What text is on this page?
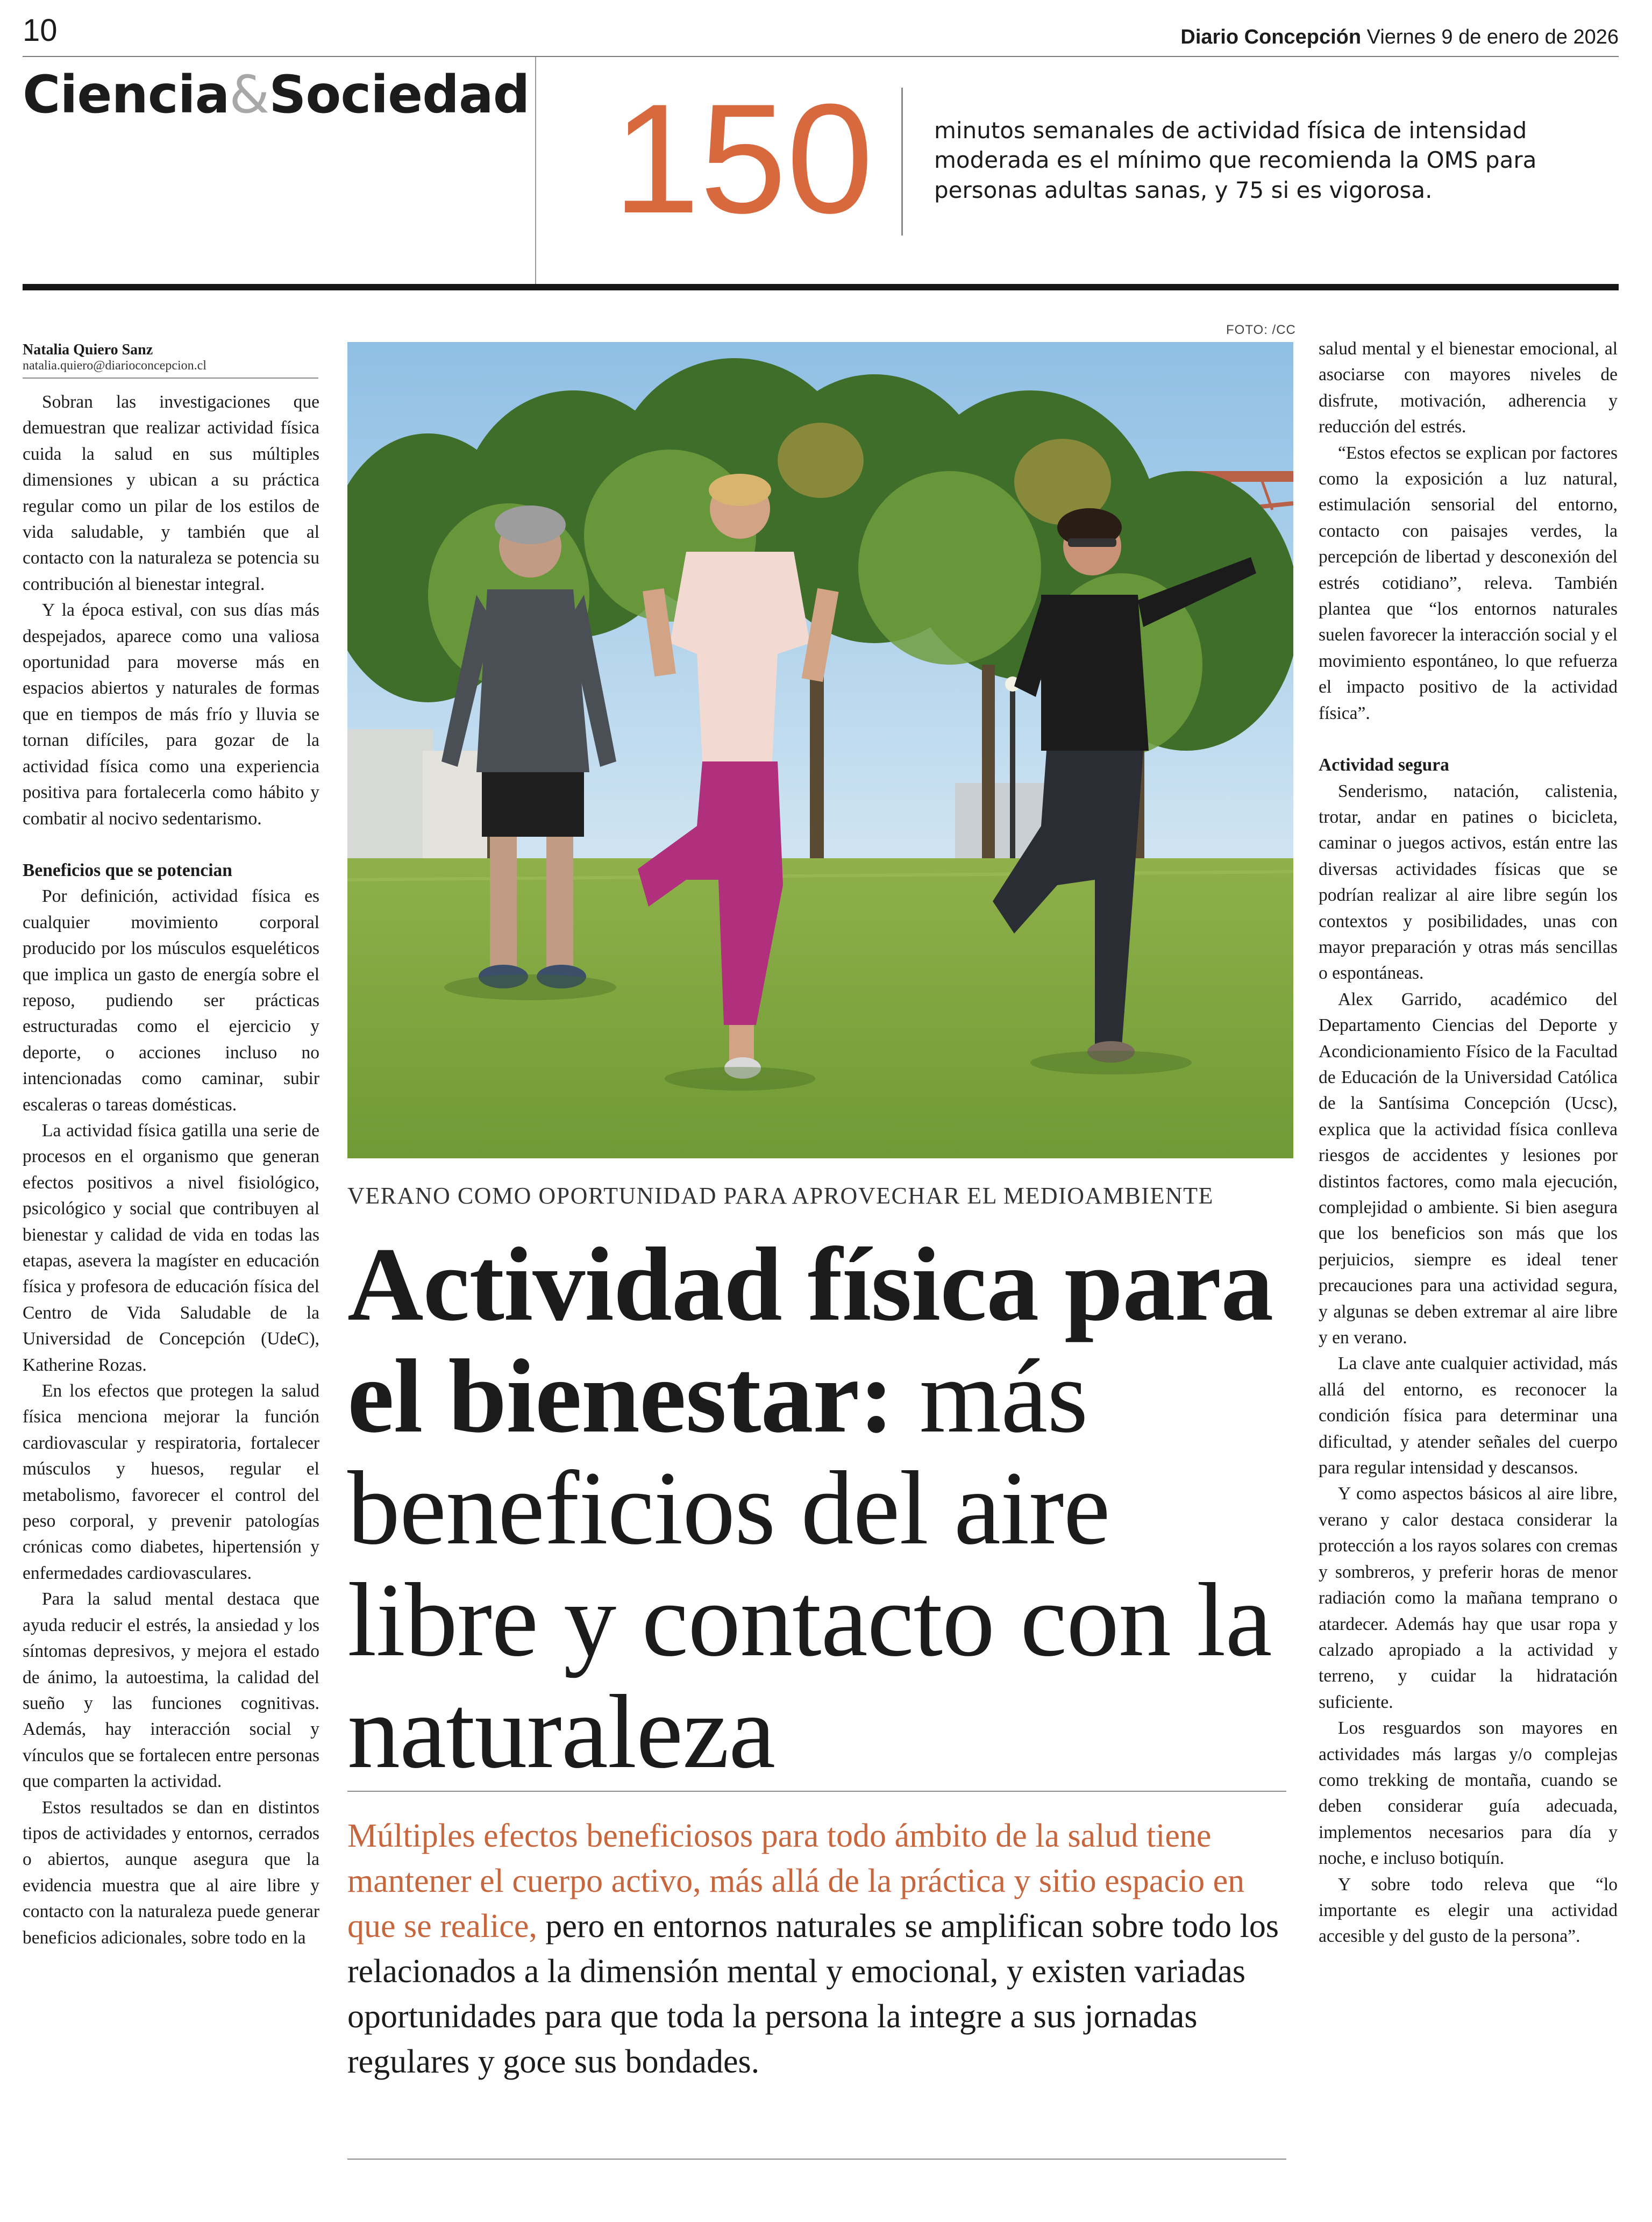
10	Diario Concepción Viernes 9 de enero de 2026
Ciencia&Sociedad 150	minutos semanales de actividad física de intensidad moderada es el mínimo que recomienda la OMS para personas adultas sanas, y 75 si es vigorosa.
Natalia Quiero Sanz
natalia.quiero@diarioconcepcion.cl

Sobran las investigaciones que demuestran que realizar actividad física cuida la salud en sus múltiples dimensiones y ubican a su práctica regular como un pilar de los estilos de vida saludable, y también que al contacto con la naturaleza se potencia su contribución al bienestar integral.

Y la época estival, con sus días más despejados, aparece como una valiosa oportunidad para moverse más en espacios abiertos y naturales de formas que en tiempos de más frío y lluvia se tornan difíciles, para gozar de la actividad física como una experiencia positiva para fortalecerla como hábito y combatir al nocivo sedentarismo.

Beneficios que se potencian

Por definición, actividad física es cualquier movimiento corporal producido por los músculos esqueléticos que implica un gasto de energía sobre el reposo, pudiendo ser prácticas estructuradas como el ejercicio y deporte, o acciones incluso no intencionadas como caminar, subir escaleras o tareas domésticas.

La actividad física gatilla una serie de procesos en el organismo que generan efectos positivos a nivel fisiológico, psicológico y social que contribuyen al bienestar y calidad de vida en todas las etapas, asevera la magíster en educación física y profesora de educación física del Centro de Vida Saludable de la Universidad de Concepción (UdeC), Katherine Rozas.

En los efectos que protegen la salud física menciona mejorar la función cardiovascular y respiratoria, fortalecer músculos y huesos, regular el metabolismo, favorecer el control del peso corporal, y prevenir patologías crónicas como diabetes, hipertensión y enfermedades cardiovasculares.

Para la salud mental destaca que ayuda reducir el estrés, la ansiedad y los síntomas depresivos, y mejora el estado de ánimo, la autoestima, la calidad del sueño y las funciones cognitivas. Además, hay interacción social y vínculos que se fortalecen entre personas que comparten la actividad.

Estos resultados se dan en distintos tipos de actividades y entornos, cerrados o abiertos, aunque asegura que la evidencia muestra que al aire libre y contacto con la naturaleza puede generar beneficios adicionales, sobre todo en la

FOTO: /CC
VERANO COMO OPORTUNIDAD PARA APROVECHAR EL MEDIOAMBIENTE
Actividad física para el bienestar: más beneficios del aire libre y contacto con la naturaleza
Múltiples efectos beneficiosos para todo ámbito de la salud tiene mantener el cuerpo activo, más allá de la práctica y sitio espacio en que se realice, pero en entornos naturales se amplifican sobre todo los relacionados a la dimensión mental y emocional, y existen variadas oportunidades para que toda la persona la integre a sus jornadas regulares y goce sus bondades.

salud mental y el bienestar emocional, al asociarse con mayores niveles de disfrute, motivación, adherencia y reducción del estrés.

“Estos efectos se explican por factores como la exposición a luz natural, estimulación sensorial del entorno, contacto con paisajes verdes, la percepción de libertad y desconexión del estrés cotidiano”, releva. También plantea que “los entornos naturales suelen favorecer la interacción social y el movimiento espontáneo, lo que refuerza el impacto positivo de la actividad física”.

Actividad segura

Senderismo, natación, calistenia, trotar, andar en patines o bicicleta, caminar o juegos activos, están entre las diversas actividades físicas que se podrían realizar al aire libre según los contextos y posibilidades, unas con mayor preparación y otras más sencillas o espontáneas.

Alex Garrido, académico del Departamento Ciencias del Deporte y Acondicionamiento Físico de la Facultad de Educación de la Universidad Católica de la Santísima Concepción (Ucsc), explica que la actividad física conlleva riesgos de accidentes y lesiones por distintos factores, como mala ejecución, complejidad o ambiente. Si bien asegura que los beneficios son más que los perjuicios, siempre es ideal tener precauciones para una actividad segura, y algunas se deben extremar al aire libre y en verano.

La clave ante cualquier actividad, más allá del entorno, es reconocer la condición física para determinar una dificultad, y atender señales del cuerpo para regular intensidad y descansos.

Y como aspectos básicos al aire libre, verano y calor destaca considerar la protección a los rayos solares con cremas y sombreros, y preferir horas de menor radiación como la mañana temprano o atardecer. Además hay que usar ropa y calzado apropiado a la actividad y terreno, y cuidar la hidratación suficiente.

Los resguardos son mayores en actividades más largas y/o complejas como trekking de montaña, cuando se deben considerar guía adecuada, implementos necesarios para día y noche, e incluso botiquín.

Y sobre todo releva que “lo importante es elegir una actividad accesible y del gusto de la persona”.
